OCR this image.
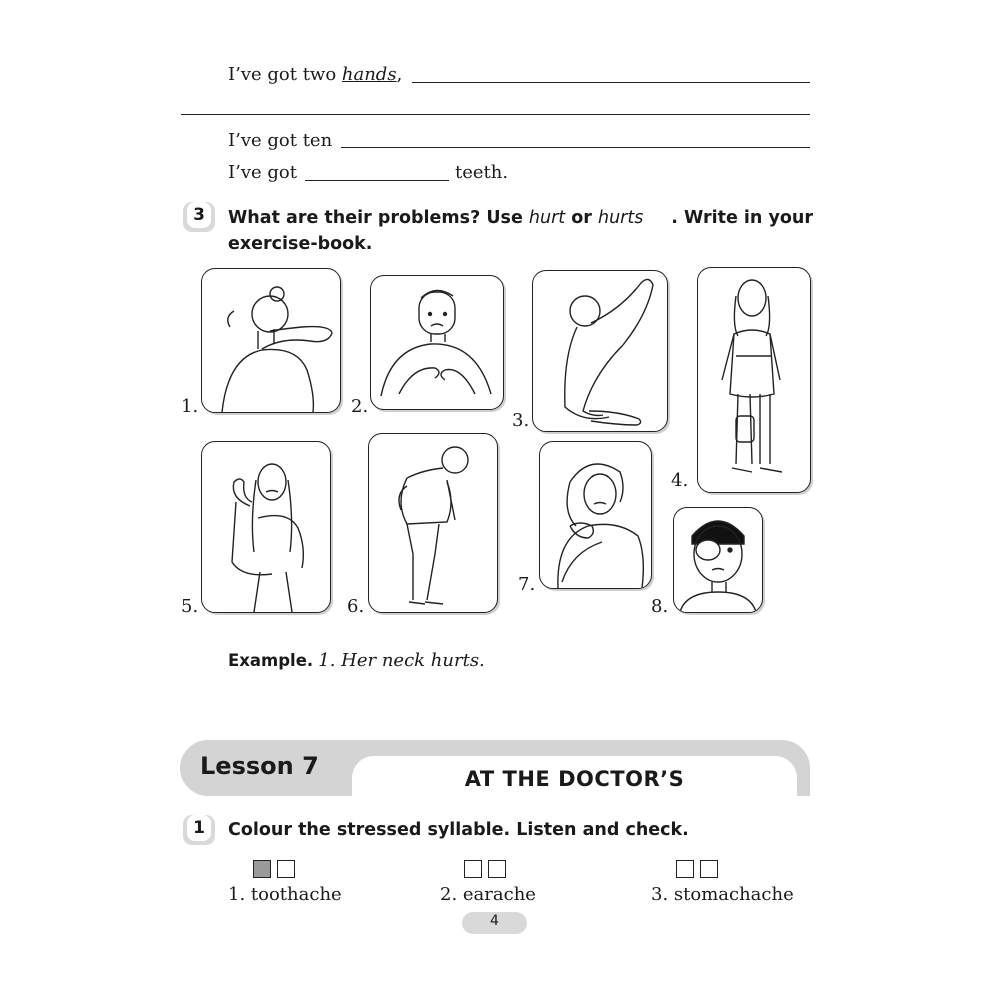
I’ve got two hands,
I’ve got ten
I’ve got	teeth.
3	What are their problems? Use hurt or hurts . Write in your
exercise-book.
1.	2.
3.
4.
5.	6.
7.
8.
Example. 1. Her neck hurts.
Lesson 7	AT THE DOCTOR’S
1	Colour the stressed syllable. Listen and check.
1. toothache	2. earache	3. stomachache
4
